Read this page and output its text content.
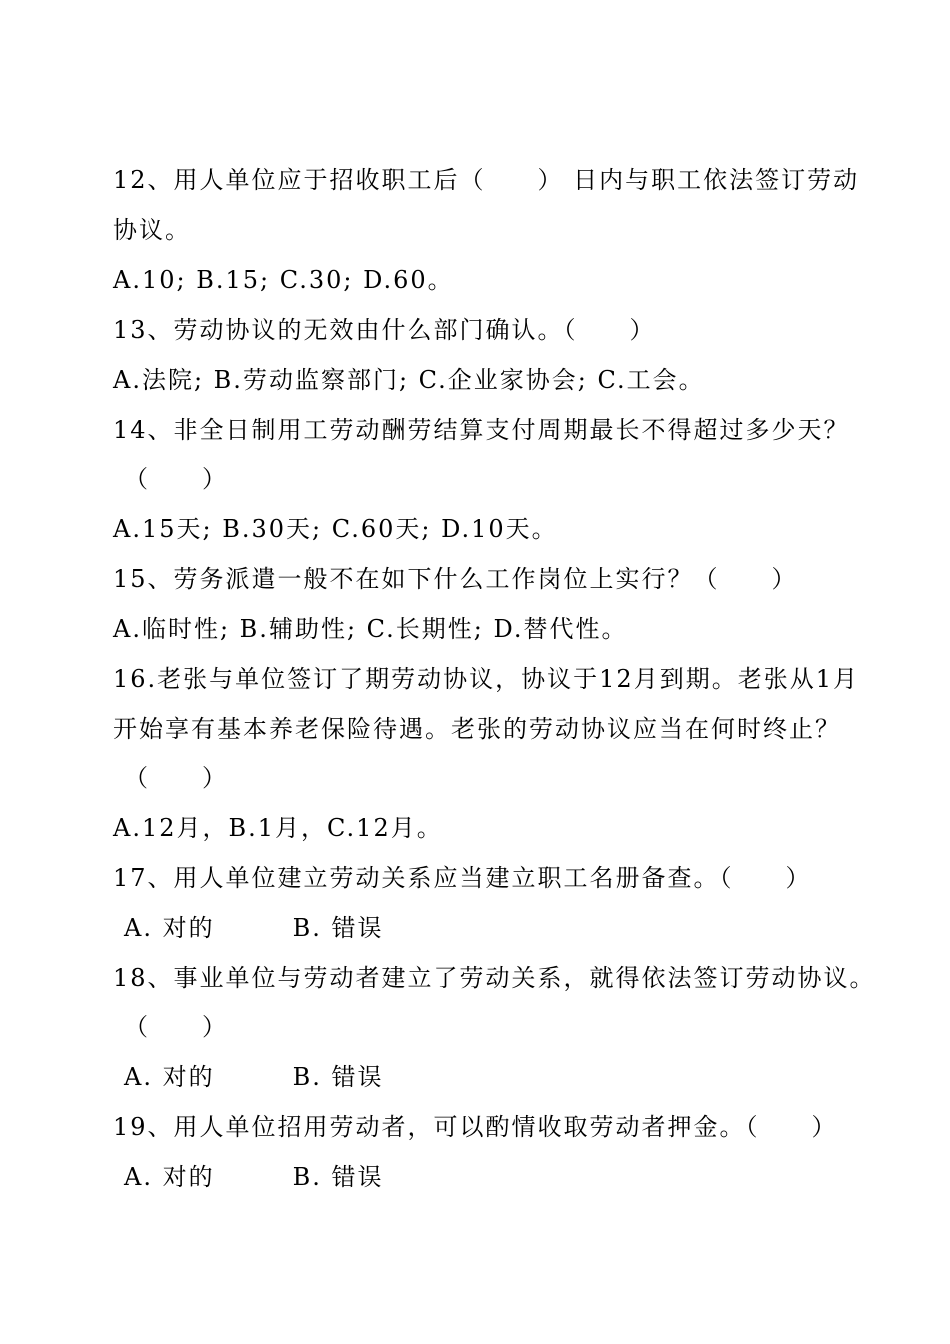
12、用人单位应于招收职工后（　　） 日内与职工依法签订劳动
协议。
A.10; B.15; C.30; D.60。
13、劳动协议的无效由什么部门确认。（　　）
A.法院; B.劳动监察部门; C.企业家协会; C.工会。
14、非全日制用工劳动酬劳结算支付周期最长不得超过多少天？
（　　）
A.15天; B.30天; C.60天; D.10天。
15、劳务派遣一般不在如下什么工作岗位上实行？（　　）
A.临时性; B.辅助性; C.长期性; D.替代性。
16.老张与单位签订了期劳动协议，协议于12月到期。老张从1月
开始享有基本养老保险待遇。老张的劳动协议应当在何时终止？
（　　）
A.12月，B.1月，C.12月。
17、用人单位建立劳动关系应当建立职工名册备查。（　　）
A. 对的　　　B. 错误
18、事业单位与劳动者建立了劳动关系，就得依法签订劳动协议。
（　　）
A. 对的　　　B. 错误
19、用人单位招用劳动者，可以酌情收取劳动者押金。（　　）
A. 对的　　　B. 错误
